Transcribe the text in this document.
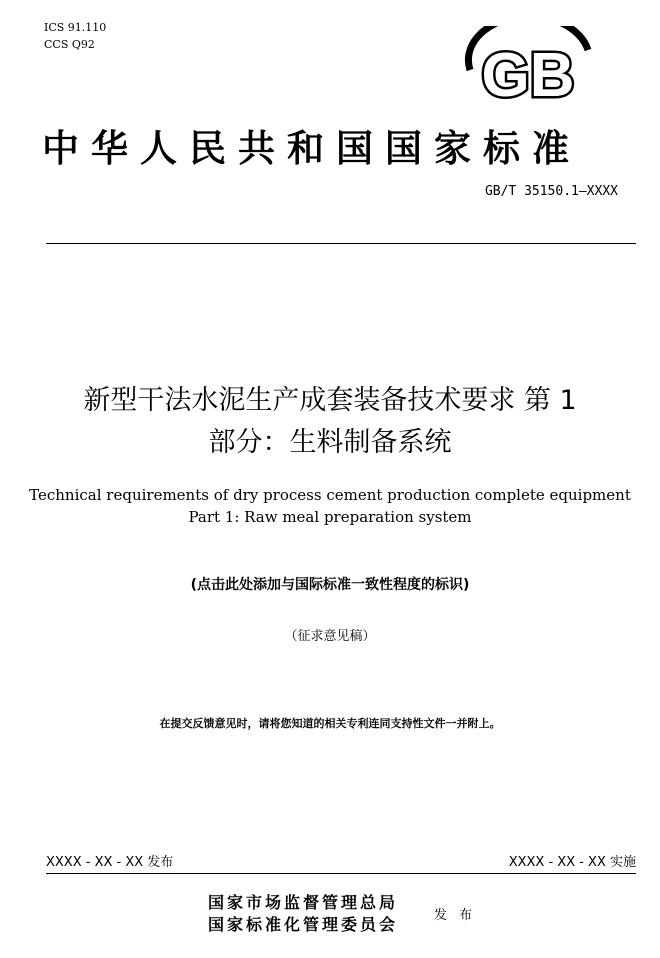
ICS 91.110
CCS Q92	GB
中华人民共和国国家标准
GB/T 35150.1—XXXX
新型干法水泥生产成套装备技术要求 第 1
部分：生料制备系统
Technical requirements of dry process cement production complete equipment
Part 1: Raw meal preparation system
(点击此处添加与国际标准一致性程度的标识)
（征求意见稿）
在提交反馈意见时，请将您知道的相关专利连同支持性文件一并附上。
XXXX - XX - XX 发布	XXXX - XX - XX 实施
国家市场监督管理总局
国家标准化管理委员会	发 布
